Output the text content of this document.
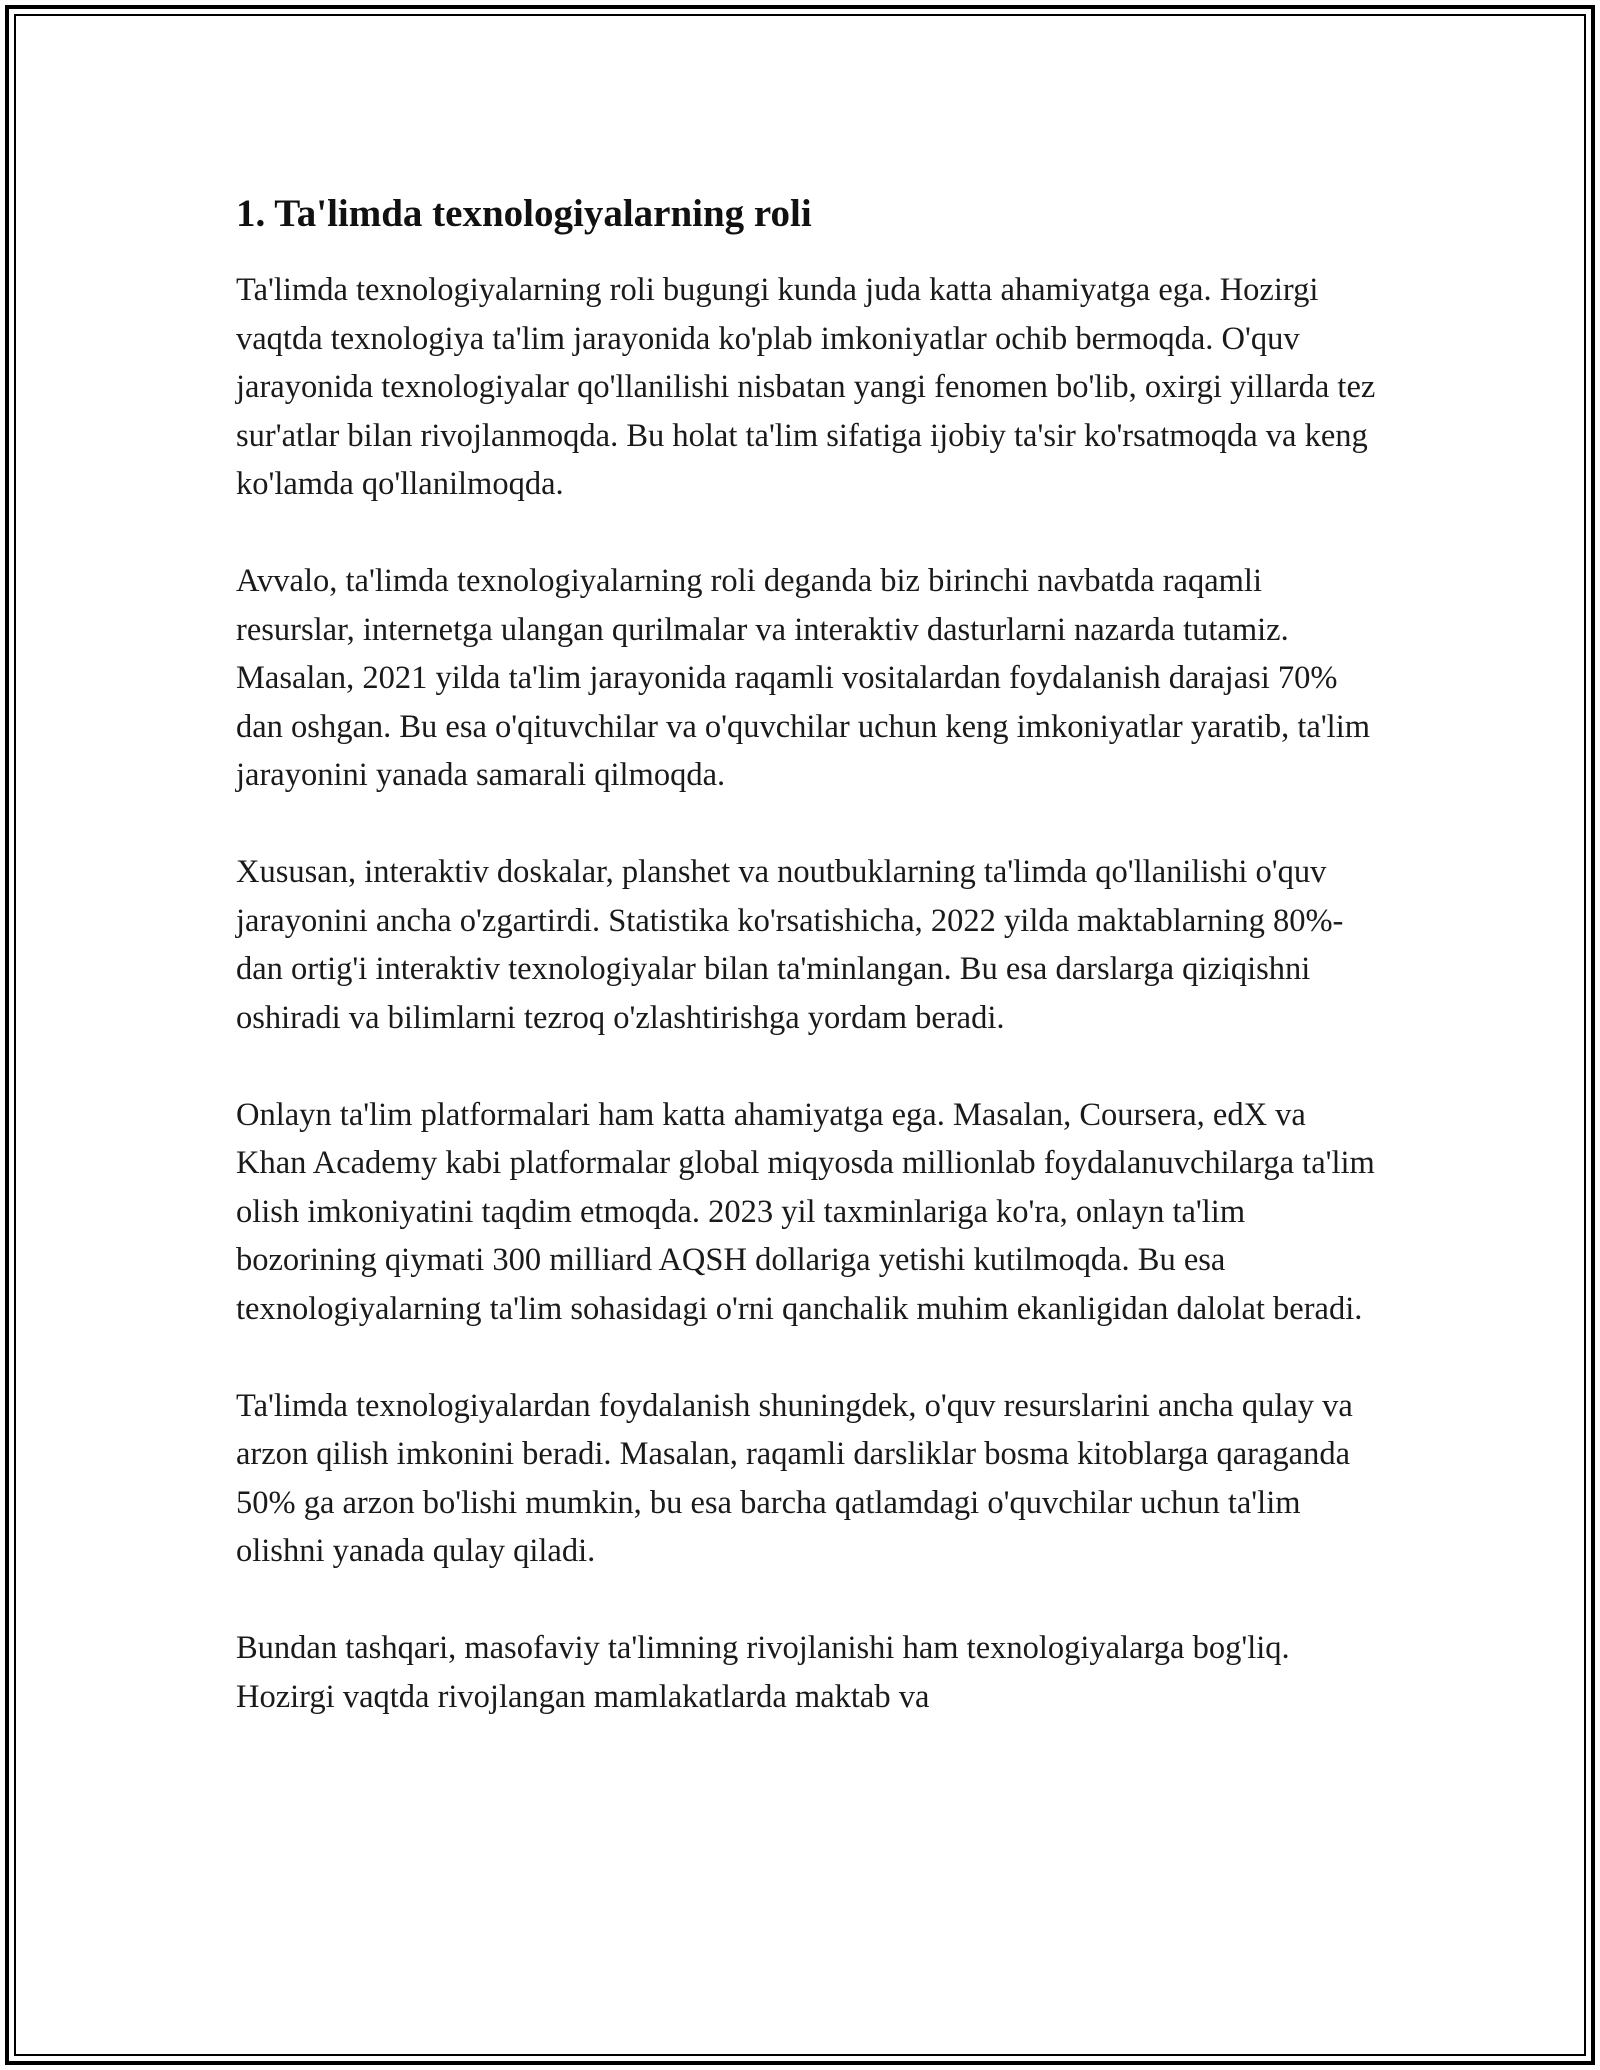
1. Ta'limda texnologiyalarning roli

Ta'limda texnologiyalarning roli bugungi kunda juda katta ahamiyatga ega. Hozirgi vaqtda texnologiya ta'lim jarayonida ko'plab imkoniyatlar ochib bermoqda. O'quv jarayonida texnologiyalar qo'llanilishi nisbatan yangi fenomen bo'lib, oxirgi yillarda tez sur'atlar bilan rivojlanmoqda. Bu holat ta'lim sifatiga ijobiy ta'sir ko'rsatmoqda va keng ko'lamda qo'llanilmoqda.

Avvalo, ta'limda texnologiyalarning roli deganda biz birinchi navbatda raqamli resurslar, internetga ulangan qurilmalar va interaktiv dasturlarni nazarda tutamiz. Masalan, 2021 yilda ta'lim jarayonida raqamli vositalardan foydalanish darajasi 70% dan oshgan. Bu esa o'qituvchilar va o'quvchilar uchun keng imkoniyatlar yaratib, ta'lim jarayonini yanada samarali qilmoqda.

Xususan, interaktiv doskalar, planshet va noutbuklarning ta'limda qo'llanilishi o'quv jarayonini ancha o'zgartirdi. Statistika ko'rsatishicha, 2022 yilda maktablarning 80%-dan ortig'i interaktiv texnologiyalar bilan ta'minlangan. Bu esa darslarga qiziqishni oshiradi va bilimlarni tezroq o'zlashtirishga yordam beradi.

Onlayn ta'lim platformalari ham katta ahamiyatga ega. Masalan, Coursera, edX va Khan Academy kabi platformalar global miqyosda millionlab foydalanuvchilarga ta'lim olish imkoniyatini taqdim etmoqda. 2023 yil taxminlariga ko'ra, onlayn ta'lim bozorining qiymati 300 milliard AQSH dollariga yetishi kutilmoqda. Bu esa texnologiyalarning ta'lim sohasidagi o'rni qanchalik muhim ekanligidan dalolat beradi.

Ta'limda texnologiyalardan foydalanish shuningdek, o'quv resurslarini ancha qulay va arzon qilish imkonini beradi. Masalan, raqamli darsliklar bosma kitoblarga qaraganda 50% ga arzon bo'lishi mumkin, bu esa barcha qatlamdagi o'quvchilar uchun ta'lim olishni yanada qulay qiladi.

Bundan tashqari, masofaviy ta'limning rivojlanishi ham texnologiyalarga bog'liq. Hozirgi vaqtda rivojlangan mamlakatlarda maktab va
